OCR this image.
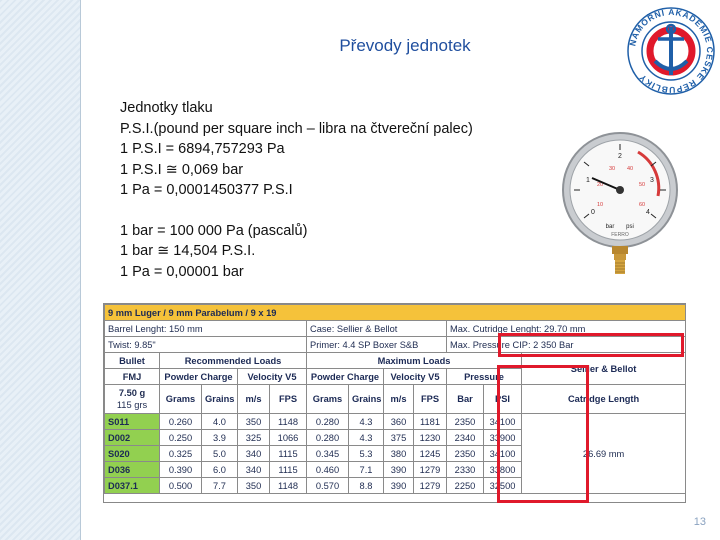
Převody jednotek	NÁMOŘNÍ AKADEMIE ČESKÉ REPUBLIKY
Jednotky tlaku
P.S.I.(pound per square inch – libra na čtvereční palec)
1 P.S.I = 6894,757293 Pa
1 P.S.I ≅ 0,069 bar
1 Pa = 0,0001450377 P.S.I
1 bar = 100 000 Pa (pascalů)
1 bar ≅ 14,504 P.S.I.
1 Pa = 0,00001 bar
0
1
2
3
4
10
20
30 40
50
60
bar psi
FERRO
9 mm Luger / 9 mm Parabelum / 9 x 19											
Barrel Lenght: 150 mm					Case: Sellier & Bellot				Max. Cutridge Lenght: 29.70 mm		
Twist: 9.85"					Primer: 4.4 SP Boxer S&B				Max. Pressure CIP: 2 350 Bar		
Bullet	Recommended Loads				Maximum Loads						Sellier & Bellot
FMJ	Powder Charge		Velocity V5		Powder Charge		Velocity V5		Pressure		
7.50 g
115 grs	Grams	Grains	m/s	FPS	Grams	Grains	m/s	FPS	Bar	PSI	Catridge Length
S011	0.260	4.0	350	1148	0.280	4.3	360	1181	2350	34100	26.69 mm
D002	0.250	3.9	325	1066	0.280	4.3	375	1230	2340	33900	
S020	0.325	5.0	340	1115	0.345	5.3	380	1245	2350	34100	
D036	0.390	6.0	340	1115	0.460	7.1	390	1279	2330	33800	
D037.1	0.500	7.7	350	1148	0.570	8.8	390	1279	2250	32500	
13
